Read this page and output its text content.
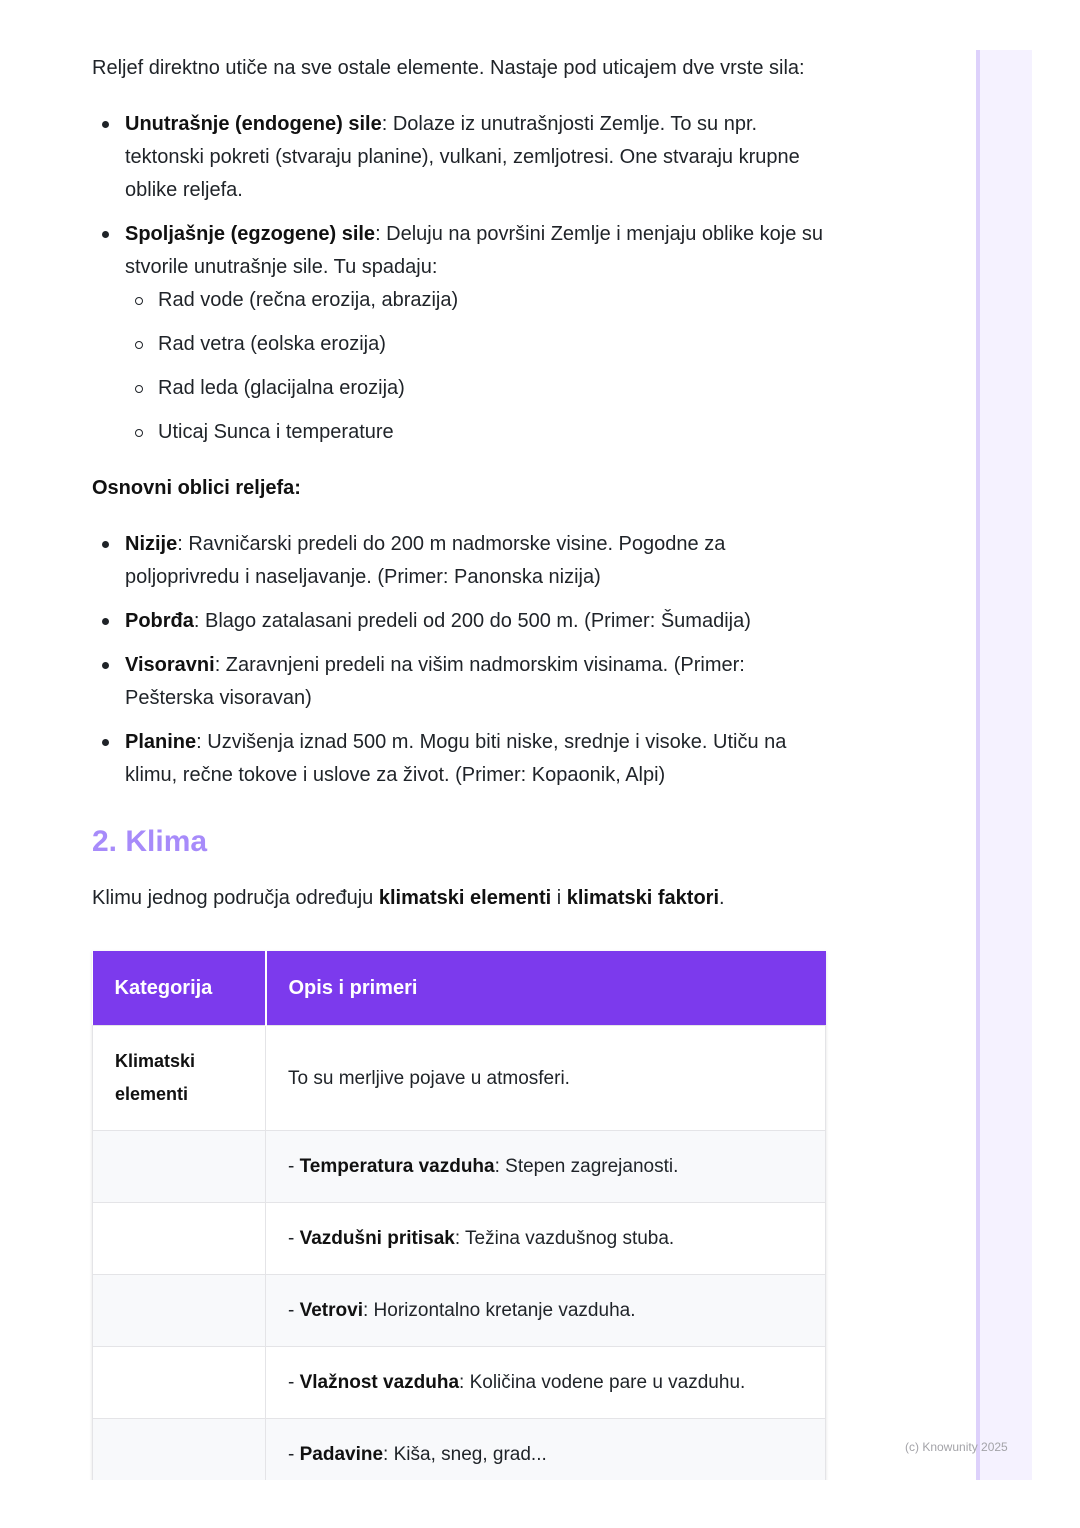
Reljef direktno utiče na sve ostale elemente. Nastaje pod uticajem dve vrste sila:

Unutrašnje (endogene) sile: Dolaze iz unutrašnjosti Zemlje. To su npr. tektonski pokreti (stvaraju planine), vulkani, zemljotresi. One stvaraju krupne oblike reljefa.
Spoljašnje (egzogene) sile: Deluju na površini Zemlje i menjaju oblike koje su stvorile unutrašnje sile. Tu spadaju:
Rad vode (rečna erozija, abrazija)
Rad vetra (eolska erozija)
Rad leda (glacijalna erozija)
Uticaj Sunca i temperature

Osnovni oblici reljefa:

Nizije: Ravničarski predeli do 200 m nadmorske visine. Pogodne za poljoprivredu i naseljavanje. (Primer: Panonska nizija)
Pobrđa: Blago zatalasani predeli od 200 do 500 m. (Primer: Šumadija)
Visoravni: Zaravnjeni predeli na višim nadmorskim visinama. (Primer: Pešterska visoravan)
Planine: Uzvišenja iznad 500 m. Mogu biti niske, srednje i visoke. Utiču na klimu, rečne tokove i uslove za život. (Primer: Kopaonik, Alpi)
2. Klima

Klimu jednog područja određuju klimatski elementi i klimatski faktori.

Kategorija	Opis i primeri
Klimatski elementi	To su merljive pojave u atmosferi.
	- Temperatura vazduha: Stepen zagrejanosti.
	- Vazdušni pritisak: Težina vazdušnog stuba.
	- Vetrovi: Horizontalno kretanje vazduha.
	- Vlažnost vazduha: Količina vodene pare u vazduhu.
	- Padavine: Kiša, sneg, grad...	(c) Knowunity 2025
